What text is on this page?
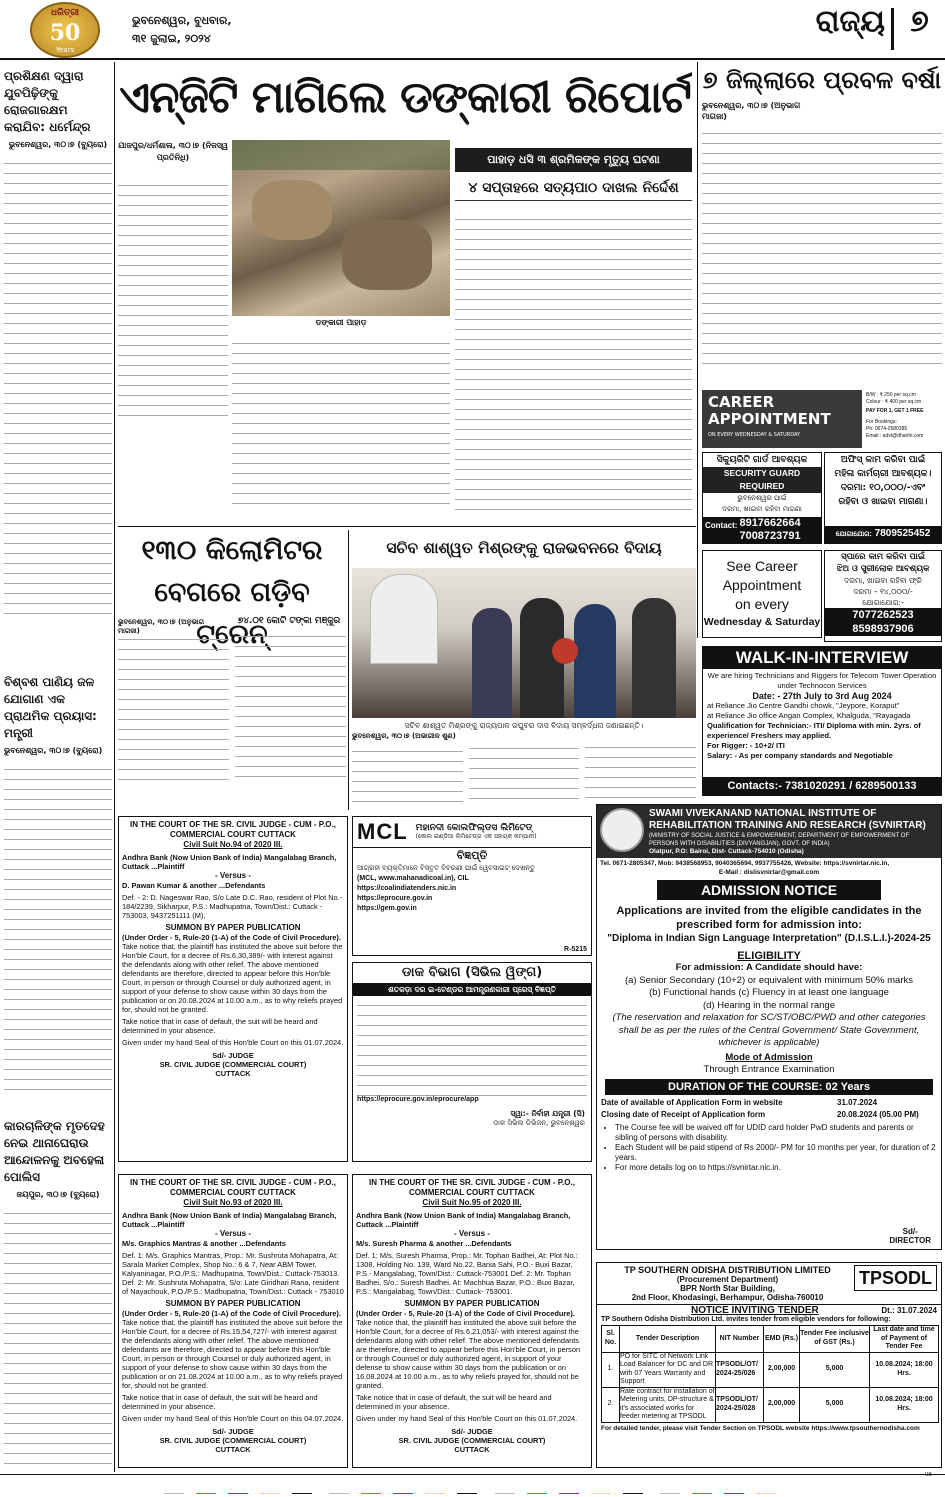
ଧରିତ୍ରୀ
50
Years
ଭୁବନେଶ୍ୱର, ବୁଧବାର,
୩୧ ଜୁଲାଇ, ୨୦୨୪	ରାଜ୍ୟ ୭
ପ୍ରଶିକ୍ଷଣ ଦ୍ୱାରା ଯୁବପିଢ଼ିଙ୍କୁ ରୋଜଗାରକ୍ଷମ କରାଯିବ: ଧର୍ମେନ୍ଦ୍ର
ଭୁବନେଶ୍ୱର, ୩୦।୭ (ବ୍ୟୁରୋ)
ବିଶ୍ବଶ ପାଣିୟ ଜଳ ଯୋଗାଣ ଏକ ପ୍ରାଥମିକ ପ୍ରୟାସ: ମନ୍ତ୍ରୀ
ଭୁବନେଶ୍ୱର, ୩୦।୭ (ବ୍ୟୁରୋ)
କାରଚାଳିଙ୍କ ମୃତଦେହ ନେଇ ଥାନାଘେରାଉ ଆନ୍ଦୋଳନକୁ ଅବହେଳା ପୋଲିସ
ଜୟପୁର, ୩୦।୭ (ବ୍ୟୁରୋ)
ଏନ୍‌ଜିଟି ମାଗିଲେ ଡଙ୍କାରୀ ରିପୋର୍ଟ
ଡଙ୍କାରୀ ପାହାଡ଼
ଯାଜପୁର/ଧର୍ମଶାଳା, ୩୦।୭ (ନିଜସ୍ୱ ପ୍ରତିନିଧି)	ପାହାଡ଼ ଧସି ୩ ଶ୍ରମିକଙ୍କ ମୃତ୍ୟୁ ଘଟଣା
୪ ସପ୍ତାହରେ ସତ୍ୟପାଠ ଦାଖଲ ନିର୍ଦ୍ଦେଶ
୭ ଜିଲ୍ଲାରେ ପ୍ରବଳ ବର୍ଷା
ଭୁବନେଶ୍ୱର, ୩୦।୭ (ଅନୁଭାଗ ମାଗଜା)
CAREER
APPOINTMENT
ON EVERY WEDNESDAY & SATURDAY
B/W : ₹ 250 per sq.cm
Colour : ₹ 400 per sq.cm
PAY FOR 1, GET 1 FREE
For Bookings:
Ph: 0674-2580385
Email : advt@dharitri.com
ସିକ୍ୟୁରିଟି ଗାର୍ଡ ଆବଶ୍ୟକ
SECURITY GUARD REQUIRED
ଭୁବନେଶ୍ୱର ପାଇଁ
ଦରମା, ଖାଇବା ରହିବା ମାଗଣା
Contact: 8917662664
7008723791
ଅଫିସ୍ କାମ କରିବା ପାଇଁ
ମହିଳା କାର୍ମଚାରୀ ଆବଶ୍ୟକ।
ଦରମା: ୧୦,୦୦୦/-ଏବଂ
ରହିବା ଓ ଖାଇବା ମାଗଣା।
ଯୋଗାଯୋଗ: 7809525452
See Career
Appointment
on every
Wednesday & Saturday
ସ୍ପାରେ କାମ କରିବା ପାଇଁ
ଝିଅ ଓ ସ୍ତ୍ରୀଲୋକ ଆବଶ୍ୟକ
ଦରମା, ଖାଇବା ରହିବା ଫ୍ରି
ଦରମା – ୧୪,୦୦୦/-
ଯୋଗାଯୋଗ:-
7077262523
8598937906
୧୩୦ କିଲୋମିଟର
ବେଗରେ ଗଡ଼ିବ ଟ୍ରେନ୍
ଭୁବନେଶ୍ୱର, ୩୦।୭ (ଅନୁଭାଗ ମାଗଜା)
୭୪.୦୧ କୋଟି ଟଙ୍କା ମଞ୍ଜୁର
ସଚିବ ଶାଶ୍ୱତ ମିଶ୍ରଙ୍କୁ ରାଜଭବନରେ ବିଦାୟ
ସଚିବ ଶାଶ୍ୱତ ମିଶ୍ରଙ୍କୁ ରାଜ୍ୟପାଳ ରଘୁବର ଦାସ ବିଦାୟ ସମ୍ବର୍ଦ୍ଧନା ଜଣାଇଛନ୍ତି।
ଭୁବନେଶ୍ୱର, ୩୦।୭ (ଅଭାଗୀଳ ଶୁଣ)
WALK-IN-INTERVIEW
We are hiring Technicians and Riggers for Telecom Tower Operation under Technocon Services
Date: - 27th July to 3rd Aug 2024
at Reliance Jio Centre Gandhi chowk, "Jeypore, Koraput"
at Reliance Jio office Angan Complex, Khalguda, "Rayagada
Qualification for Technician:- ITI/ Diploma with min. 2yrs. of experience/ Freshers may applied.
For Rigger: - 10+2/ ITI
Salary: - As per company standards and Negotiable
Contacts:- 7381020291 / 6289500133
MCL ମହାନଦୀ କୋଲଫିଲ୍ଡସ ଲିମିଟେଡ୍
(କୋଲ ଇଣ୍ଡିଆ ଲିମିଟେଡ୍‌ର ଏକ ସହାୟକ କମ୍ପାନୀ)
ବିଜ୍ଞପ୍ତି
ଆଗ୍ରହୀ ବ୍ୟକ୍ତିମାନେ ବିସ୍ତୃତ ବିବରଣୀ ପାଇଁ ୱେବସାଇଟ୍ ଦେଖନ୍ତୁ
(MCL, www.mahanadicoal.in), CIL
https://coalindiatenders.nic.in
https://eprocure.gov.in
https://gem.gov.in
R-5215
ଡାକ ବିଭାଗ (ସିଭିଲ ୱିଙ୍ଗ)
ଶତକଡ଼ା ଦର ଇ-ଟେଣ୍ଡର ଆମନ୍ତ୍ରଣକାରୀ ପ୍ରେସ୍ ବିଜ୍ଞପ୍ତି
https://eprocure.gov.in/eprocure/app
ସ୍ୱା:- ନିର୍ବାହୀ ଯନ୍ତ୍ରୀ (ସି)
ଡାକ ସିଭିଲ ଡିଭିଜନ, ଭୁବନେଶ୍ୱର
SWAMI VIVEKANAND NATIONAL INSTITUTE OF
REHABILITATION TRAINING AND RESEARCH (SVNIRTAR)
(MINISTRY OF SOCIAL JUSTICE & EMPOWERMENT, DEPARTMENT OF EMPOWERMENT OF PERSONS WITH DISABILITIES (DIVYANGJAN), GOVT. OF INDIA)
Olatpur, P.O: Bairoi, Dist- Cuttack-754010 (Odisha)
Tel. 0671-2805347, Mob: 9438568953, 9040365694, 9937755426, Website: https://svnirtar.nic.in,
E-Mail : dislisvnirtar@gmail.com
ADMISSION NOTICE
Applications are invited from the eligible candidates in the prescribed form for admission into:
"Diploma in Indian Sign Language Interpretation" (D.I.S.L.I.)-2024-25
ELIGIBILITY
For admission: A Candidate should have:
(a) Senior Secondary (10+2) or equivalent with minimum 50% marks
(b) Functional hands (c) Fluency in at least one language
(d) Hearing in the normal range
(The reservation and relaxation for SC/ST/OBC/PWD and other categories shall be as per the rules of the Central Government/ State Government, whichever is applicable)
Mode of Admission
Through Entrance Examination
DURATION OF THE COURSE: 02 Years
Date of available of Application Form in website	31.07.2024
Closing date of Receipt of Application form	20.08.2024 (05.00 PM)
• The Course fee will be waived off for UDID card holder PwD students and parents or sibling of persons with disability.
• Each Student will be paid stipend of Rs 2000/- PM for 10 months per year, for duration of 2 years.
• For more details log on to https://svnirtar.nic.in.
Sd/-
DIRECTOR
IN THE COURT OF THE SR. CIVIL JUDGE - CUM - P.O., COMMERCIAL COURT CUTTACK
Civil Suit No.94 of 2020 III.

Andhra Bank (Now Union Bank of India) Mangalabag Branch, Cuttack ...Plaintiff

- Versus -

D. Pawan Kumar & another ...Defendants

Def. - 2: D. Nageswar Rao, S/o Late D.C. Rao, resident of Plot No.- 184/2239, Sikharpur, P.S.: Madhupatna, Town/Dist.: Cuttack - 753003, 9437251111 (M),

SUMMON BY PAPER PUBLICATION

(Under Order - 5, Rule-20 (1-A) of the Code of Civil Procedure).

Take notice that, the plaintiff has instituted the above suit before the Hon'ble Court, for a decree of Rs.6,30,389/- with interest against the defendants along with other relief. The above mentioned defendants are therefore, directed to appear before this Hon'ble Court, in person or through Counsel or duly authorized agent, in support of your defense to show cause within 30 days from the publication or on 20.08.2024 at 10.00 a.m., as to why reliefs prayed for, should not be granted.

Take notice that in case of default, the suit will be heard and determined in your absence.

Given under my hand Seal of this Hon'ble Court on this 01.07.2024.

Sd/- JUDGE
SR. CIVIL JUDGE (COMMERCIAL COURT)
CUTTACK
IN THE COURT OF THE SR. CIVIL JUDGE - CUM - P.O., COMMERCIAL COURT CUTTACK
Civil Suit No.93 of 2020 III.

Andhra Bank (Now Union Bank of India) Mangalabag Branch, Cuttack ...Plaintiff

- Versus -

M/s. Graphics Mantras & another ...Defendants

Def. 1: M/s. Graphics Mantras, Prop.: Mr. Sushruta Mohapatra, At: Sarala Market Complex, Shop No.: 6 & 7, Near ABM Tower, Kalyaninagar, P.O./P.S.: Madhupatna, Town/Dist.: Cuttack-753013. Def. 2: Mr. Sushruta Mohapatra, S/o: Late Giridhari Rana, resident of Nayachouk, P.O./P.S.: Madhupatna, Town/Dist.: Cuttack - 753010

SUMMON BY PAPER PUBLICATION

(Under Order - 5, Rule-20 (1-A) of the Code of Civil Procedure).

Take notice that, the plaintiff has instituted the above suit before the Hon'ble Court, for a decree of Rs.15,54,727/- with interest against the defendants along with other relief. The above mentioned defendants are therefore, directed to appear before this Hon'ble Court, in person or through Counsel or duly authorized agent, in support of your defense to show cause within 30 days from the publication or on 21.08.2024 at 10.00 a.m., as to why reliefs prayed for, should not be granted.

Take notice that in case of default, the suit will be heard and determined in your absence.

Given under my hand Seal of this Hon'ble Court on this 04.07.2024.

Sd/- JUDGE
SR. CIVIL JUDGE (COMMERCIAL COURT)
CUTTACK
IN THE COURT OF THE SR. CIVIL JUDGE - CUM - P.O., COMMERCIAL COURT CUTTACK
Civil Suit No.95 of 2020 III.

Andhra Bank (Now Union Bank of India) Mangalabag Branch, Cuttack ...Plaintiff

- Versus -

M/s. Suresh Pharma & another ...Defendants

Def. 1: M/s. Suresh Pharma, Prop.: Mr. Tophan Badhei, At: Plot No.: 1308, Holding No. 139, Ward No.22, Bania Sahi, P.O.- Buxi Bazar, P.S.- Mangalabag, Town/Dist.: Cuttack-753001 Def. 2: Mr. Tophan Badhei, S/o.: Suresh Badhei, At: Machhua Bazar, P.O.: Buxi Bazar, P.S.: Mangalabag, Town/Dist.: Cuttack- 753001.

SUMMON BY PAPER PUBLICATION

(Under Order - 5, Rule-20 (1-A) of the Code of Civil Procedure).

Take notice that, the plaintiff has instituted the above suit before the Hon'ble Court, for a decree of Rs.6,21,053/- with interest against the defendants along with other relief. The above mentioned defendants are therefore, directed to appear before this Hon'ble Court, in person or through Counsel or duly authorized agent, in support of your defense to show cause within 30 days from the publication or on 16.08.2024 at 10.00 a.m., as to why reliefs prayed for, should not be granted.

Take notice that in case of default, the suit will be heard and determined in your absence.

Given under my hand Seal of this Hon'ble Court on this 01.07.2024.

Sd/- JUDGE
SR. CIVIL JUDGE (COMMERCIAL COURT)
CUTTACK
TP SOUTHERN ODISHA DISTRIBUTION LIMITED
(Procurement Department)
BPR North Star Building,
2nd Floor, Khodasingi, Berhampur, Odisha-760010
TPSODL
NOTICE INVITING TENDER	Dt.: 31.07.2024
TP Southern Odisha Distribution Ltd. invites tender from eligible vendors for following:
Sl. No.	Tender Description	NIT Number	EMD (Rs.)	Tender Fee inclusive of GST (Rs.)	Last date and time of Payment of Tender Fee
1.	PO for SITC of Network Link Load Balancer for DC and DR with 07 Years Warranty and Support	TPSODL/OT/ 2024-25/026	2,00,000	5,000	10.08.2024; 18:00 Hrs.
2.	Rate contract for installation of Metering units, DP-structure & it's associated works for feeder metering at TPSODL	TPSODL/OT/ 2024-25/028	2,00,000	5,000	10.08.2024; 18:00 Hrs.
For detailed tender, please visit Tender Section on TPSODL website https://www.tpsouthernodisha.com

08
